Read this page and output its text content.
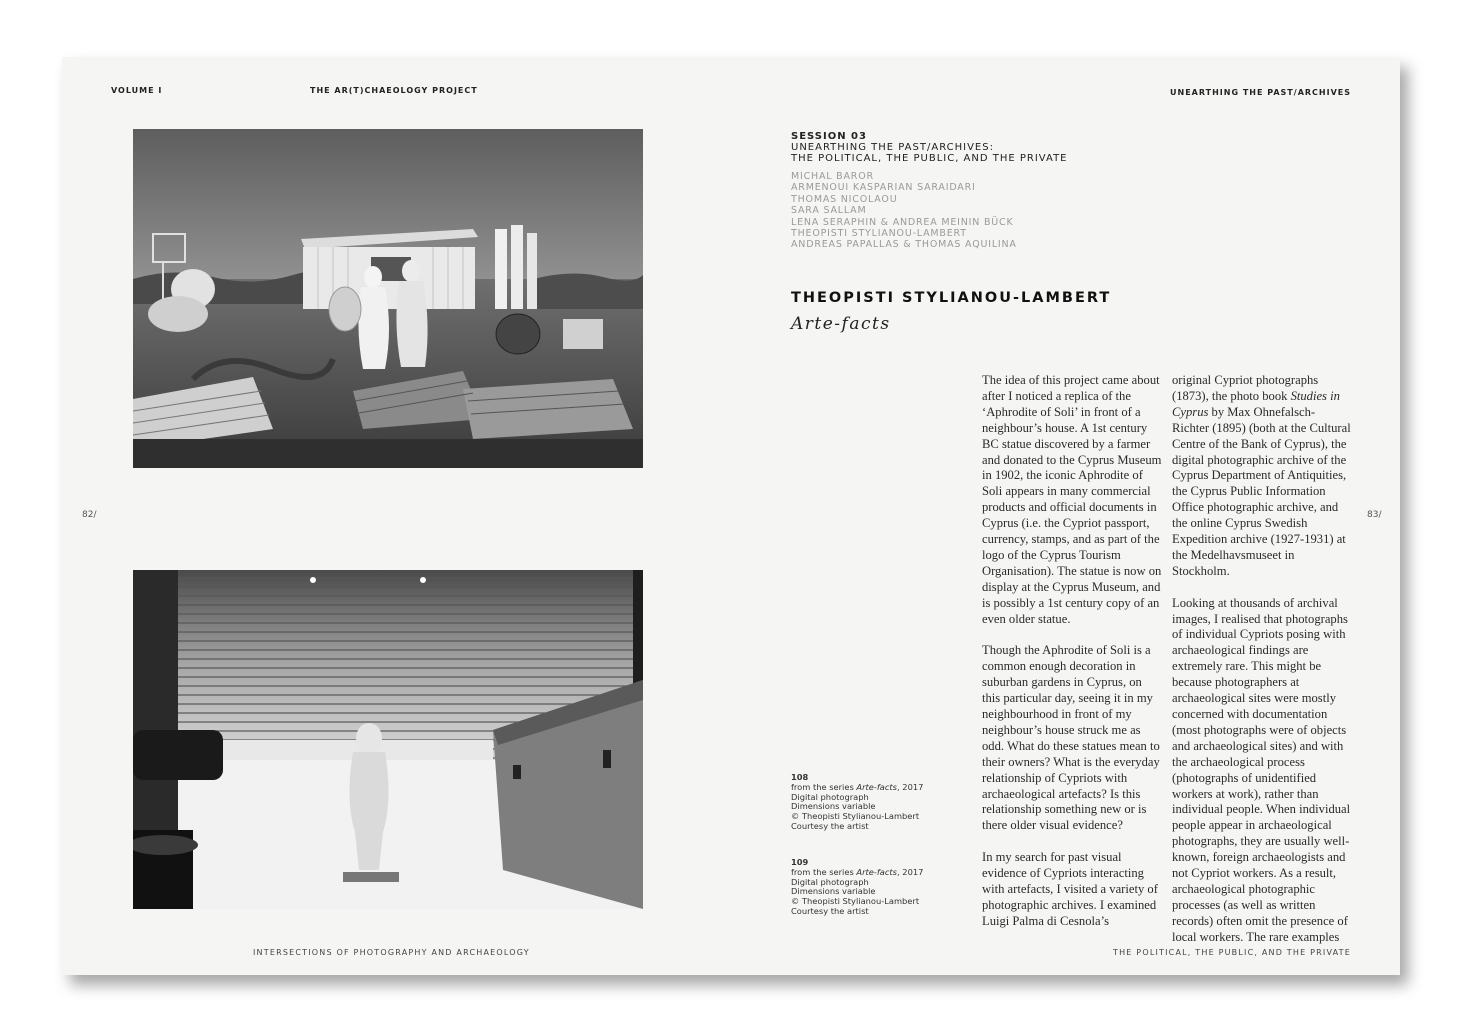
VOLUME I	THE AR(T)CHAEOLOGY PROJECT	UNEARTHING THE PAST/ARCHIVES
82/	83/
SESSION 03
UNEARTHING THE PAST/ARCHIVES:
THE POLITICAL, THE PUBLIC, AND THE PRIVATE
MICHAL BAROR
ARMENOUI KASPARIAN SARAIDARI
THOMAS NICOLAOU
SARA SALLAM
LENA SERAPHIN & ANDREA MEININ BÜCK
THEOPISTI STYLIANOU-LAMBERT
ANDREAS PAPALLAS & THOMAS AQUILINA
THEOPISTI STYLIANOU-LAMBERT
Arte-facts

The idea of this project came about after I noticed a replica of the ‘Aphrodite of Soli’ in front of a neighbour’s house. A 1st century BC statue discovered by a farmer and donated to the Cyprus Museum in 1902, the iconic Aphrodite of Soli appears in many commercial products and official documents in Cyprus (i.e. the Cypriot passport, currency, stamps, and as part of the logo of the Cyprus Tourism Organisation). The statue is now on display at the Cyprus Museum, and is possibly a 1st century copy of an even older statue.

Though the Aphrodite of Soli is a common enough decoration in suburban gardens in Cyprus, on this particular day, seeing it in my neighbourhood in front of my neighbour’s house struck me as odd. What do these statues mean to their owners? What is the everyday relationship of Cypriots with archaeological artefacts? Is this relationship something new or is there older visual evidence?

In my search for past visual evidence of Cypriots interacting with artefacts, I visited a variety of photographic archives. I examined Luigi Palma di Cesnola’s

original Cypriot photographs (1873), the photo book Studies in Cyprus by Max Ohnefalsch-Richter (1895) (both at the Cultural Centre of the Bank of Cyprus), the digital photographic archive of the Cyprus Department of Antiquities, the Cyprus Public Information Office photographic archive, and the online Cyprus Swedish Expedition archive (1927-1931) at the Medelhavsmuseet in Stockholm.

Looking at thousands of archival images, I realised that photographs of individual Cypriots posing with archaeological findings are extremely rare. This might be because photographers at archaeological sites were mostly concerned with documentation (most photographs were of objects and archaeological sites) and with the archaeological process (photographs of unidentified workers at work), rather than individual people. When individual people appear in archaeological photographs, they are usually well-known, foreign archaeologists and not Cypriot workers. As a result, archaeological photographic processes (as well as written records) often omit the presence of local workers. The rare examples

108
from the series Arte-facts, 2017
Digital photograph
Dimensions variable
© Theopisti Stylianou-Lambert
Courtesy the artist
109
from the series Arte-facts, 2017
Digital photograph
Dimensions variable
© Theopisti Stylianou-Lambert
Courtesy the artist
INTERSECTIONS OF PHOTOGRAPHY AND ARCHAEOLOGY	THE POLITICAL, THE PUBLIC, AND THE PRIVATE
